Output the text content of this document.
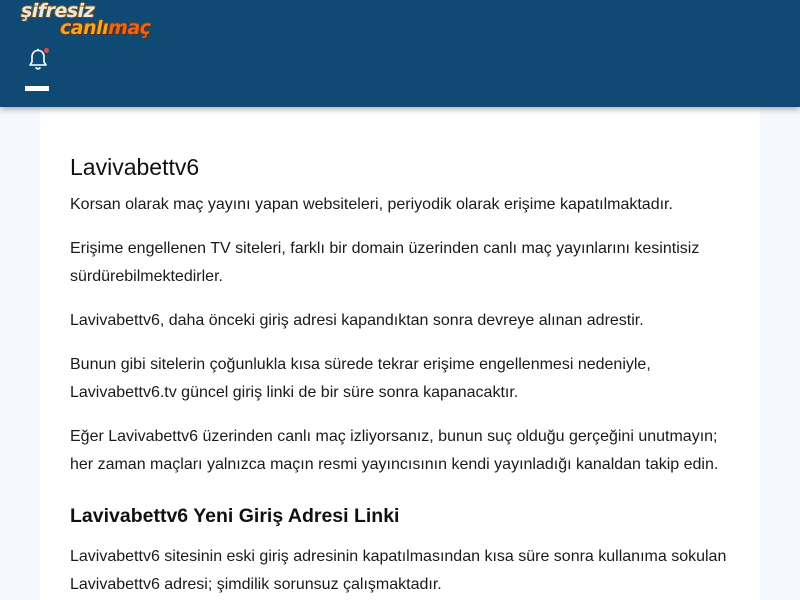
şifresiz
canlımaç
Lavivabettv6

Korsan olarak maç yayını yapan websiteleri, periyodik olarak erişime kapatılmaktadır.

Erişime engellenen TV siteleri, farklı bir domain üzerinden canlı maç yayınlarını kesintisiz sürdürebilmektedirler.

Lavivabettv6, daha önceki giriş adresi kapandıktan sonra devreye alınan adrestir.

Bunun gibi sitelerin çoğunlukla kısa sürede tekrar erişime engellenmesi nedeniyle, Lavivabettv6.tv güncel giriş linki de bir süre sonra kapanacaktır.

Eğer Lavivabettv6 üzerinden canlı maç izliyorsanız, bunun suç olduğu gerçeğini unutmayın; her zaman maçları yalnızca maçın resmi yayıncısının kendi yayınladığı kanaldan takip edin.

Lavivabettv6 Yeni Giriş Adresi Linki

Lavivabettv6 sitesinin eski giriş adresinin kapatılmasından kısa süre sonra kullanıma sokulan Lavivabettv6 adresi; şimdilik sorunsuz çalışmaktadır.
